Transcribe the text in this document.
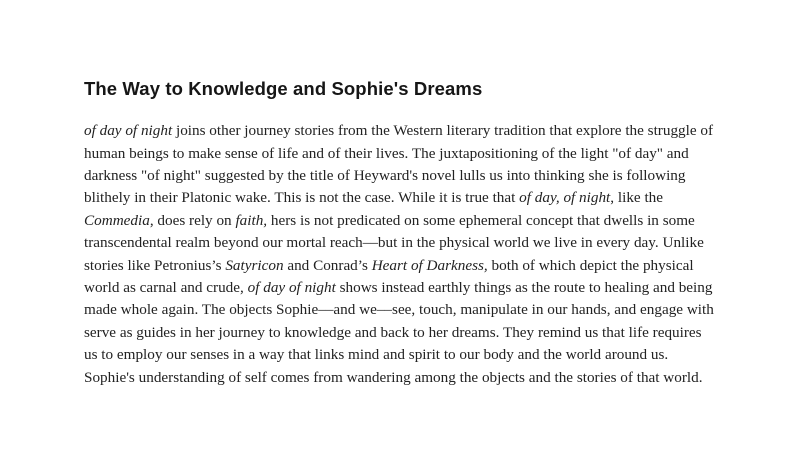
The Way to Knowledge and Sophie's Dreams

of day of night joins other journey stories from the Western literary tradition that explore the struggle of human beings to make sense of life and of their lives. The juxtapositioning of the light "of day" and darkness "of night" suggested by the title of Heyward's novel lulls us into thinking she is following blithely in their Platonic wake. This is not the case. While it is true that of day, of night, like the Commedia, does rely on faith, hers is not predicated on some ephemeral concept that dwells in some transcendental realm beyond our mortal reach––but in the physical world we live in every day. Unlike stories like Petronius’s Satyricon and Conrad’s Heart of Darkness, both of which depict the physical world as carnal and crude, of day of night shows instead earthly things as the route to healing and being made whole again. The objects Sophie––and we––see, touch, manipulate in our hands, and engage with serve as guides in her journey to knowledge and back to her dreams. They remind us that life requires us to employ our senses in a way that links mind and spirit to our body and the world around us. Sophie's understanding of self comes from wandering among the objects and the stories of that world.
